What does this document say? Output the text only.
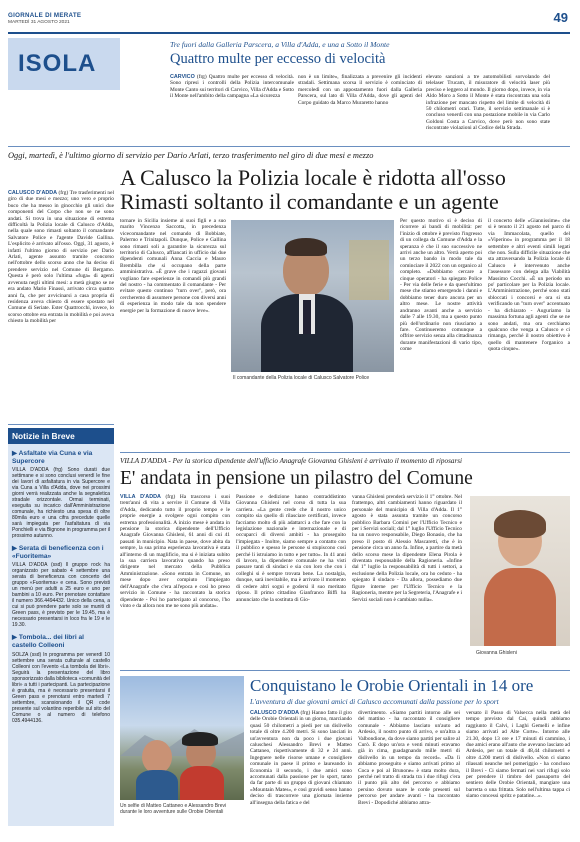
GIORNALE DI MERATE
MARTEDÌ 31 AGOSTO 2021	49
ISOLA
Tre fuori dalla Galleria Parscera, a Villa d'Adda, e una a Sotto il Monte
Quattro multe per eccesso di velocità
CARVICO (frg) Quattro multe per eccesso di velocità. Sono ripresi i controlli della Polizia intercomunale Monte Canto sui territori di Carvico, Villa d'Adda e Sotto il Monte nell'ambito della campagna «La sicurezza
non è un limite», finalizzata a prevenire gli incidenti stradali. Settimana scorsa il servizio è cominciato di mercoledì con un appostamento fuori dalla Galleria Parscera, sul lato di Villa d'Adda, dove gli agenti del Corpo guidato da Marco Muraretto hanno
elevato sanzioni a tre automobilisti sorvolando del telelaser Trucam, il misuratore di velocità laser più preciso e leggero al mondo. Il giorno dopo, invece, in via Aldo Moro a Sotto il Monte è stata riscontrata una sola infrazione per mancato rispetto del limite di velocità di 50 chilometri orari. Tutte, il servizio settimanale si è concluso venerdì con una postazione mobile in via Carlo Goldoni Costa a Carvico, dove però non sono state riscontrate violazioni al Codice della Strada.
Oggi, martedì, è l'ultimo giorno di servizio per Dario Arlati, terzo trasferimento nel giro di due mesi e mezzo
A Calusco la Polizia locale è ridotta all'osso
Rimasti soltanto il comandante e un agente
CALUSCO D'ADDA (frg) Tre trasferimenti nel giro di due mesi e mezzo; uno vero e proprio buco che ha messo in ginocchio gli unici due componenti del Corpo che non se ne sono andati. Si trova in una situazione di estrema difficoltà la Polizia locale di Calusco d'Adda, nella quale sono rimasti soltanto il comandante Salvatore Police e l'agente Davide Gallina. L'esplicito è arrivato all'osso. Oggi, 31 agosto, è infatti l'ultimo giorno di servizio per Dario Arlati, agente assunto tramite concorso nell'ottobre dello scorso anno che ha deciso di prendere servizio nel Comune di Bergamo. Questa è però solo l'ultima «fuga» di agenti avvenuta negli ultimi mesi: a metà giugno se ne era andato Mario Finassi, arrivato circa quattro anni fa, che per avvicinarsi a casa propria di residenza aveva chiesto di essere spostato nel Comune di Seriate. Ester Quattrocchi, invece, lo scorso ottobre era entrata in mobilità e poi aveva chiesto la mobilità per
tornare in Sicilia insieme ai suoi figli e a suo marito Vincenzo Saccotta, in precedenza vicecomandante nel comando di Bobbiate, Palermo e Trinitapoli. Dunque, Police e Gallina sono rimasti soli a garantire la sicurezza sul territorio di Calusco, affiancati in ufficio dai due dipendenti comunali Anna Caccia e Mauro Brembilla che si occupano della parte amministrativa. «È grave che i ragazzi giovani vogliano fare esperienze in comandi più grandi del nostro - ha commentato il comandante - Per evitare questo continuo "turn over", però, ora cercheremo di assumere persone con diversi anni di esperienza in modo tale da non spendere energie per la formazione di nuove leve».
Il comandante della Polizia locale di Calusco Salvatore Police
Per questo motivo si è deciso di ricorrere ai bandi di mobilità: per l'inizio di ottobre è previsto l'ingresso di un collega da Comune d'Adda e la speranza è che il suo successivo ne arrivi anche un altro. Verrà aperto poi un terzo bando in modo tale da cominciare il 2022 con un organico al completo. «Dobbiamo cercare a cinque operatori - ha spiegato Police - Per via delle ferie e da quest'ultimo mese che stiamo emergendo i danni e dobbiamo tener duro ancora per un altro mese. Le nostre attività andranno avanti anche a servizio dalle 7 alle 19.30, ma a questo punto più dell'ordinario non riusciamo a fare. Continueremo comunque a offrire servizio senza alla cittadinanza durante manifestazioni di vario tipo, come
il concerto delle «Giannissime» che si è tenuto il 21 agosto nel parco di via Immacolata, quello del «Viperino» in programma per il 18 settembre e altri eventi simili legati che non. Sulla difficile situazione che sta attraversando la Polizia locale di Calusco è intervenuto anche l'assessore con delega alla Viabilità Massimo Cocchi. «È un periodo un po' particolare per la Polizia locale. L'Amministrazione, perché sono stati sbloccati i concorsi e ora si sta verificando un "turn over" accentuato - ha dichiarato - Auguriamo la massima fortuna agli agenti che se ne sono andati, ma ora cerchiamo qualcuno che venga a Calusco e ci rimanga, perché il nostro obiettivo è quello di mantenere l'organico a quota cinque».
Notizie in Breve
▶ Asfaltate via Cuna e via Supercore
VILLA D'ADDA (frg) Sono durati due settimane e si sono conclusi venerdì le fine dei lavori di asfaltatura in via Supercore e via Cuna a Villa d'Adda, dove nei prossimi giorni verrà realizzata anche la segnaletica stradale orizzontale. Ormai terminati, eseguita su incarico dall'Amministrazione comunale, ha richiesto una spesa di oltre 80mila euro e una cifra precedute quelle sarà impiegata per l'asfaltatura di via Ponchielli e via Bignone in programma per il prossimo autunno.
▶ Serata di beneficenza con i «Fuoritema»
VILLA D'ADDA (ssd) Il gruppo rock ha organizzato per sabato 4 settembre una serata di beneficenza con concerto del gruppo «Fuoritema» e cena. Sono previsti un menù per adulti a 25 euro e uno per bambini a 10 euro. Per prenotare contattare il numero 366.4494432. Unico della cena, a cui si può prendere parte solo se muniti di Green pass, è previsto per le 19.45, ma è necessario presentarsi in loco fra le 19 e le 19.30.
▶ Tombola... dei libri al castello Colleoni
SOLZA (ssd) In programma per venerdì 10 settembre una serata culturale al castello Colleoni con l'evento «La tombola dei libri». Seguirà la presentazione del libro sponsorizzato dalla biblioteca «comunità del libri» a tutti i partecipanti. La partecipazione è gratuita, ma è necessario presentarsi il Green pass e prenotarsi entro martedì 7 settembre, scansionando il QR code presente sul volantino reperibile sul sito del Comune o al numero di telefono 035.4944136.
VILLA D'ADDA - Per la storica dipendente dell'ufficio Anagrafe Giovanna Ghisleni è arrivato il momento di riposarsi
E' andata in pensione un pilastro del Comune
VILLA D'ADDA (frg) Ha trascorso i suoi trent'anni di vita a servire il Comune di Villa d'Adda, dedicando tutto il proprio tempo e le proprie energie a svolgere ogni compito con estrema professionalità. A inizio mese è andata in pensione la storica dipendente dell'Ufficio Anagrafe Giovanna Ghisleni, 61 anni di cui 41 passati in municipio. Nata in paese, dove abita da sempre, la sua prima esperienza lavorativa è stata all'interno di un maglificio, ma si è iniziata subito la sua carriera lavorativa quando ha preso dirigente nel mercato della Pubblica Amministrazione. «Sono entrata in Comune, un mese dopo aver compiuto l'impiegato dell'Anagrafe che c'era all'epoca e così ho preso servizio in Comune - ha raccontato la storica dipendente - Poi ho partecipato al concorso, l'ho vinto e da allora non me ne sono più andata».
Passione e dedizione hanno contraddistinto Giovanna Ghisleni nel corso di tutta la sua carriera. «La gente crede che il nostro unico compito sia quello di rilasciare certificati, invece facciamo molto di più adattarci a che fare con la legislazione nazionale e internazionale e di occuparci di diversi ambiti - ha proseguito l'impiegata - Inoltre, siamo sempre a contatto con il pubblico e spesso le persone si stupiscono così perché li istruiamo in tutto e per tutto». In 41 anni di lavoro, la dipendente comunale ne ha visti passare tanti di sindaci e sia con loro che con i colleghi si è sempre trovata bene. La nostalgia, dunque, sarà inevitabile, ma è arrivato il momento di cedere altri sogni e godersi il suo meritato riposo. Il primo cittadino Gianfranco Biffi ha annunciato che la sostituta di Gio-
vanna Ghisleni prenderà servizio il 1° ottobre. Nel frattempo, altri cambiamenti hanno riguardato il personale del municipio di Villa d'Adda. Il 1° agosto è stata assunta tramite un concorso pubblico Barbara Comini per l'Ufficio Tecnico e per i Servizi sociali; dal 1° luglio l'Ufficio Tecnico ha un nuovo responsabile, Diego Bonasio, che ha preso il posto di Alessio Mascaretti, che è in pensione circa un anno fa. Infine, a partire da metà dello scorso mese la dipendente Elena Pirola è diventata responsabile della Ragioneria. «Infine dal 1° luglio la responsabilità di tutti i settori, a esclusione della Polizia locale, ora ho ceduto - ha spiegato il sindaco - Da allora, possediamo due figure interne per l'Ufficio Tecnico e la Ragioneria, mentre per la Segreteria, l'Anagrafe e i Servizi sociali non è cambiato nulla».
Giovanna Ghisleni
Conquistano le Orobie Orientali in 14 ore
L'avventura di due giovani amici di Calusco accomunati dalla passione per lo sport
Un selfie di Matteo Cattaneo e Alessandro Brevi durante le loro avventure sulle Orobie Orientali
CALUSCO D'ADDA (frg) Hanno fatto il giro delle Orobie Orientali in un giorno, marciando quasi 50 chilometri a piedi per un dislivello totale di oltre 4.200 metri. Si sono lanciati in un'avventura non da poco i due giovani caluschesi Alessandro Brevi e Matteo Cattaneo, rispettivamente di 32 e 24 anni. Ingegnere nelle risorse umane e consigliere comunale in paese il primo e laureando in Economia il secondo, i due amici sono accomunati dalla passione per lo sport, tanto da far parte di un gruppo di giovani chiamato «Mountain Mates», e così gravidi senso hanno deciso di trascorrere una giornata insieme all'insegna della fatica e del
divertimento. «Siamo partiti intorno alle sei del mattino - ha raccontato il consigliere comunale - Abbiamo lasciato un'auto ad Ardesio, il nostro punto di arrivo, e un'altra a Valbondione, da dove siamo partiti per salire al Curò. E dopo un'ora e venti minuti eravamo già in cima, guadagnando mille metri di dislivello in un tempo da record». «Da lì abbiamo proseguito e siamo arrivati primo al Coca e poi al Brunone» è stata molto dura, perché nel tratto di strada tra i due rifugi c'era il punto più alto del percorso e abbiamo persino dovuto usare le corde presenti sul percorso per andare avanti - ha raccontato Brevi - Dopodiché abbiamo attra-
versato il Passo di Valsecca nella metà del tempo previsto dal Cai, quindi abbiamo raggiunto il Calvi, i Laghi Gemelli e infine siamo arrivati ad Alte Corte». Intorno alle 21.30, dopo 13 ore e 17 minuti di cammino, i due amici erano all'auto che avevano lasciato ad Ardesio, per un totale di 48,44 chilometri e oltre 4.200 metri di dislivello. «Non ci siamo rilassati neanche nel pomeriggio - ha concluso il Brevi - Ci siamo fermati nei vari rifugi solo per prendere il timbro del passaporto del sentiero delle Orobie Orientali, mangiare una barretta o una frittata. Solo nell'ultima tappa ci siamo concessi spritz e patatine...».
